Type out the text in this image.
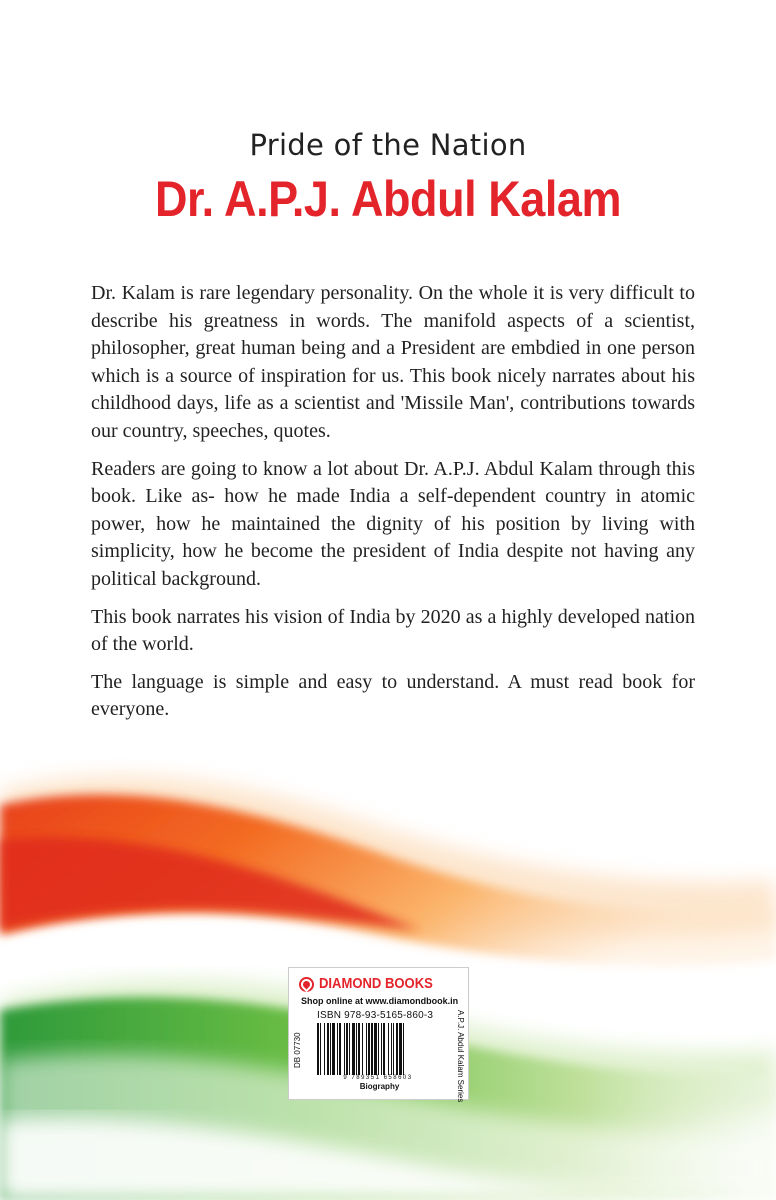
Pride of the Nation
Dr. A.P.J. Abdul Kalam

Dr. Kalam is rare legendary personality. On the whole it is very difficult to describe his greatness in words. The manifold aspects of a scientist, philosopher, great human being and a President are embdied in one person which is a source of inspiration for us. This book nicely narrates about his childhood days, life as a scientist and 'Missile Man', contributions towards our country, speeches, quotes.

Readers are going to know a lot about Dr. A.P.J. Abdul Kalam through this book. Like as- how he made India a self-dependent country in atomic power, how he maintained the dignity of his position by living with simplicity, how he become the president of India despite not having any political background.

This book narrates his vision of India by 2020 as a highly developed nation of the world.

The language is simple and easy to understand. A must read book for everyone.

DIAMOND BOOKS
Shop online at www.diamondbook.in
DB 07730	A.P.J. Abdul Kalam Series
ISBN 978-93-5165-860-3
9 789351 658603
Biography
